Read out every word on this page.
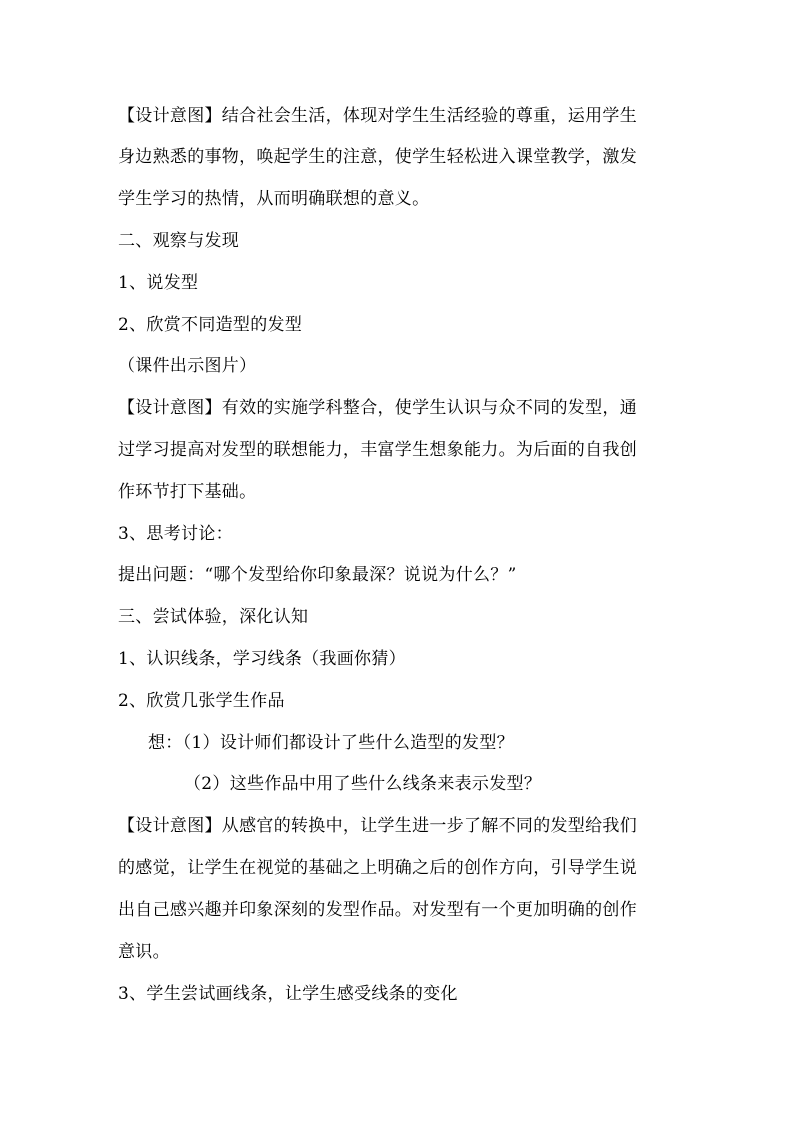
【设计意图】结合社会生活，体现对学生生活经验的尊重，运用学生
身边熟悉的事物，唤起学生的注意，使学生轻松进入课堂教学，激发
学生学习的热情，从而明确联想的意义。
二、观察与发现
1、说发型
2、欣赏不同造型的发型
（课件出示图片）
【设计意图】有效的实施学科整合，使学生认识与众不同的发型，通
过学习提高对发型的联想能力，丰富学生想象能力。为后面的自我创
作环节打下基础。
3、思考讨论：
提出问题：“哪个发型给你印象最深？说说为什么？”
三、尝试体验，深化认知
1、认识线条，学习线条（我画你猜）
2、欣赏几张学生作品
想：（1）设计师们都设计了些什么造型的发型？
（2）这些作品中用了些什么线条来表示发型？
【设计意图】从感官的转换中，让学生进一步了解不同的发型给我们
的感觉，让学生在视觉的基础之上明确之后的创作方向，引导学生说
出自己感兴趣并印象深刻的发型作品。对发型有一个更加明确的创作
意识。
3、学生尝试画线条，让学生感受线条的变化
